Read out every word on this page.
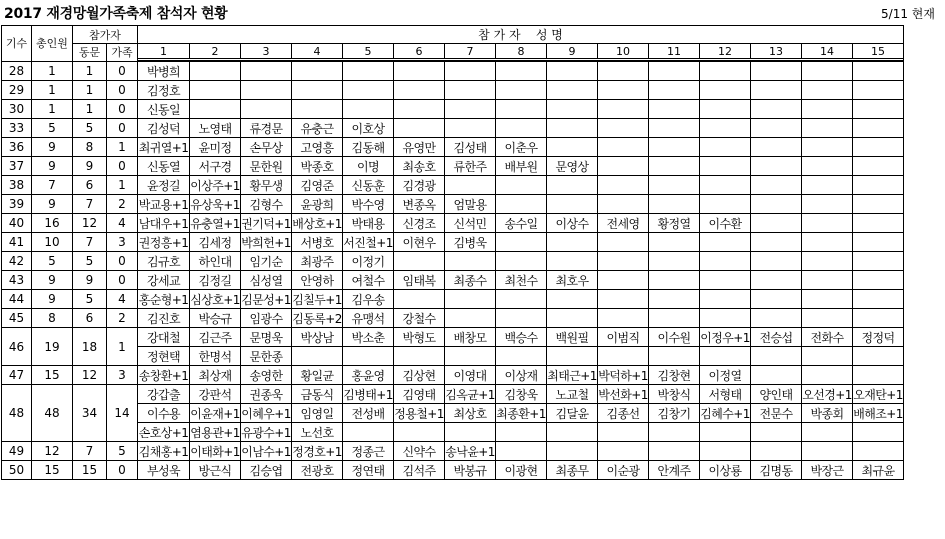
2017 재경망월가족축제 참석자 현황	5/11 현재
기수	총인원	참가자		참 가 자    성 명														
		동문	가족	1	2	3	4	5	6	7	8	9	10	11	12	13	14	15

28	1	1	0	박병희														
29	1	1	0	김정호														
30	1	1	0	신동일														
33	5	5	0	김성덕	노영태	류경문	유충근	이호상										
36	9	8	1	최귀열+1	윤미정	손무상	고영흥	김동해	유영만	김성태	이춘우							
37	9	9	0	신동열	서구경	문한원	박종호	이명	최송호	류한주	배부원	문영상						
38	7	6	1	윤정길	이상주+1	황무생	김영준	신동훈	김경광									
39	9	7	2	박교용+1	유상욱+1	김형수	윤광희	박수영	변종옥	엄말용								
40	16	12	4	남대우+1	유충열+1	권기덕+1	배상호+1	박태용	신경조	신석민	송수일	이상수	전세영	황정열	이수환			
41	10	7	3	권정흥+1	김세정	박희헌+1	서병호	서진철+1	이현우	김병욱								
42	5	5	0	김규호	하인대	임기순	최광주	이정기										
43	9	9	0	강세교	김정길	심성열	안영하	여철수	임태복	최종수	최천수	최호우						
44	9	5	4	홍순형+1	심상호+1	김문성+1	김칠두+1	김우송										
45	8	6	2	김진호	박승규	임광수	김동록+2	유맹석	강철수									
46	19	18	1	강대철	김근주	문명욱	박상남	박소춘	박형도	배창모	백승수	백원필	이범직	이수원	이정우+1	전승섭	전화수	정정덕
				정현택	한명석	문한종												
47	15	12	3	송창환+1	최상재	송영한	황일균	홍윤영	김상현	이영대	이상재	최태근+1	박덕하+1	김창현	이정열			
48	48	34	14	강갑출	강판석	권종욱	금동식	김병태+1	김영태	김옥균+1	김창욱	노교철	박선화+1	박창식	서형태	양인태	오선경+1	오재탄+1
				이수용	이윤재+1	이혜우+1	임영일	전성배	정용철+1	최상호	최종환+1	김달윤	김종선	김창기	김혜수+1	전문수	박종회	배해조+1
				손호상+1	염용관+1	유광수+1	노선호											
49	12	7	5	김채홍+1	이태화+1	이남수+1	정경호+1	정종근	신약수	송낙윤+1								
50	15	15	0	부성욱	방근식	김승엽	전광호	정연태	김석주	박봉규	이광현	최종무	이순광	안계주	이상룡	김명동	박장근	최규윤
